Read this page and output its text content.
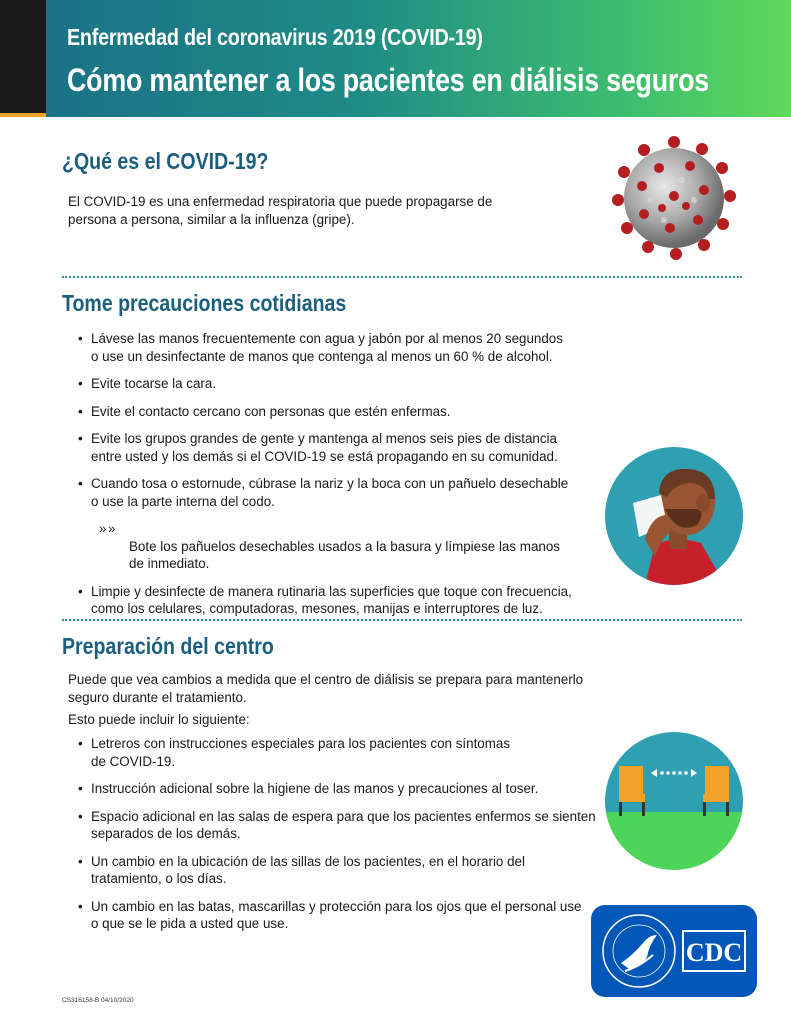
Enfermedad del coronavirus 2019 (COVID-19)
Cómo mantener a los pacientes en diálisis seguros
¿Qué es el COVID-19?
El COVID-19 es una enfermedad respiratoria que puede propagarse de
persona a persona, similar a la influenza (gripe).
Tome precauciones cotidianas
• Lávese las manos frecuentemente con agua y jabón por al menos 20 segundos
o use un desinfectante de manos que contenga al menos un 60 % de alcohol.
• Evite tocarse la cara.
• Evite el contacto cercano con personas que estén enfermas.
• Evite los grupos grandes de gente y mantenga al menos seis pies de distancia
entre usted y los demás si el COVID-19 se está propagando en su comunidad.
• Cuando tosa o estornude, cúbrase la nariz y la boca con un pañuelo desechable
o use la parte interna del codo.
» »
Bote los pañuelos desechables usados a la basura y límpiese las manos
de inmediato.
• Limpie y desinfecte de manera rutinaria las superficies que toque con frecuencia,
como los celulares, computadoras, mesones, manijas e interruptores de luz.
Preparación del centro
Puede que vea cambios a medida que el centro de diálisis se prepara para mantenerlo
seguro durante el tratamiento.
Esto puede incluir lo siguiente:
• Letreros con instrucciones especiales para los pacientes con síntomas
de COVID-19.
• Instrucción adicional sobre la higiene de las manos y precauciones al toser.
• Espacio adicional en las salas de espera para que los pacientes enfermos se sienten
separados de los demás.
• Un cambio en la ubicación de las sillas de los pacientes, en el horario del
tratamiento, o los días.
• Un cambio en las batas, mascarillas y protección para los ojos que el personal use
o que se le pida a usted que use.
CDC
CS316158-B 04/10/2020
